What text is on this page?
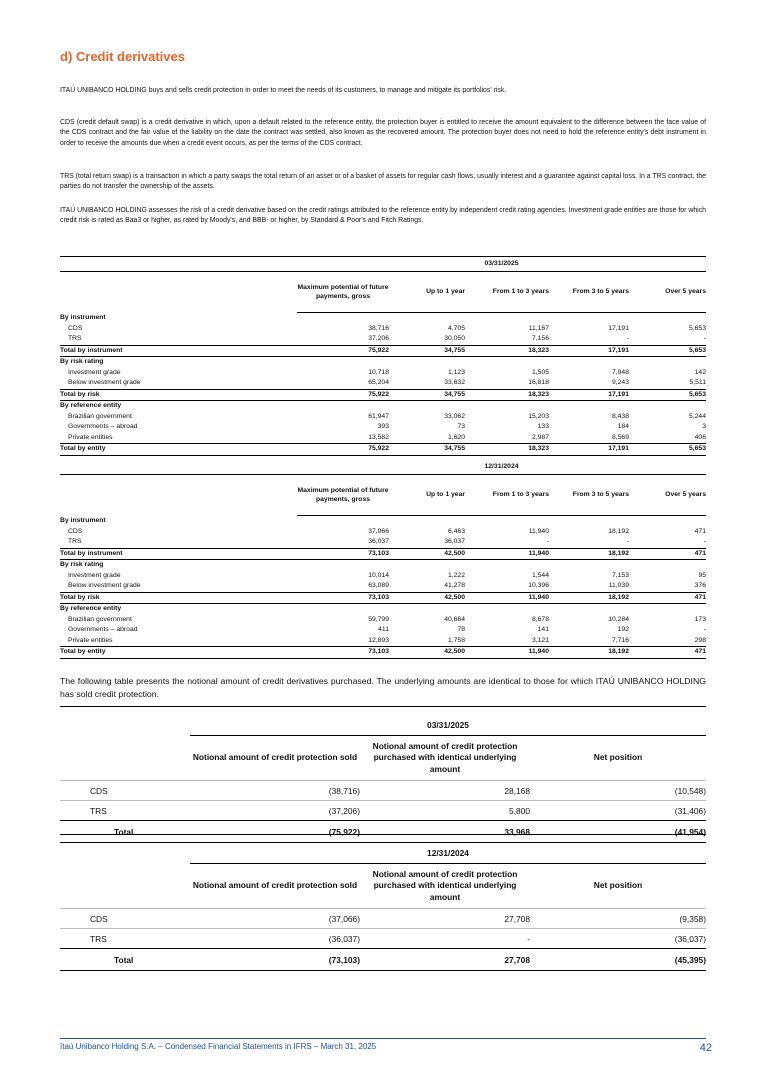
d) Credit derivatives

ITAÚ UNIBANCO HOLDING buys and sells credit protection in order to meet the needs of its customers, to manage and mitigate its portfolios' risk.

CDS (credit default swap) is a credit derivative in which, upon a default related to the reference entity, the protection buyer is entitled to receive the amount equivalent to the difference between the face value of the CDS contract and the fair value of the liability on the date the contract was settled, also known as the recovered amount. The protection buyer does not need to hold the reference entity's debt instrument in order to receive the amounts due when a credit event occurs, as per the terms of the CDS contract.

TRS (total return swap) is a transaction in which a party swaps the total return of an asset or of a basket of assets for regular cash flows, usually interest and a guarantee against capital loss. In a TRS contract, the parties do not transfer the ownership of the assets.

ITAÚ UNIBANCO HOLDING assesses the risk of a credit derivative based on the credit ratings attributed to the reference entity by independent credit rating agencies. Investment grade entities are those for which credit risk is rated as Baa3 or higher, as rated by Moody's, and BBB- or higher, by Standard & Poor's and Fitch Ratings.

	03/31/2025				
	Maximum potential of future payments, gross	Up to 1 year	From 1 to 3 years	From 3 to 5 years	Over 5 years
By instrument					
CDS	38,716	4,705	11,167	17,191	5,653
TRS	37,206	30,050	7,156	-	-
Total by instrument	75,922	34,755	18,323	17,191	5,653
By risk rating					
Investment grade	10,718	1,123	1,505	7,948	142
Below investment grade	65,204	33,632	16,818	9,243	5,511
Total by risk	75,922	34,755	18,323	17,191	5,653
By reference entity					
Brazilian government	61,947	33,062	15,203	8,438	5,244
Governments – abroad	393	73	133	184	3
Private entities	13,582	1,620	2,987	8,569	406
Total by entity	75,922	34,755	18,323	17,191	5,653
	12/31/2024				
	Maximum potential of future payments, gross	Up to 1 year	From 1 to 3 years	From 3 to 5 years	Over 5 years
By instrument					
CDS	37,066	6,463	11,940	18,192	471
TRS	36,037	36,037	-	-	-
Total by instrument	73,103	42,500	11,940	18,192	471
By risk rating					
Investment grade	10,014	1,222	1,544	7,153	95
Below investment grade	63,089	41,278	10,396	11,039	376
Total by risk	73,103	42,500	11,940	18,192	471
By reference entity					
Brazilian government	59,799	40,664	8,678	10,284	173
Governments – abroad	411	78	141	192	-
Private entities	12,893	1,758	3,121	7,716	298
Total by entity	73,103	42,500	11,940	18,192	471

The following table presents the notional amount of credit derivatives purchased. The underlying amounts are identical to those for which ITAÚ UNIBANCO HOLDING has sold credit protection.

	03/31/2025		
	Notional amount of credit protection sold	Notional amount of credit protection purchased with identical underlying amount	Net position
CDS	(38,716)	28,168	(10,548)
TRS	(37,206)	5,800	(31,406)
Total	(75,922)	33,968	(41,954)

	12/31/2024		
	Notional amount of credit protection sold	Notional amount of credit protection purchased with identical underlying amount	Net position
CDS	(37,066)	27,708	(9,358)
TRS	(36,037)	-	(36,037)
Total	(73,103)	27,708	(45,395)
Itaú Unibanco Holding S.A. – Condensed Financial Statements in IFRS – March 31, 2025	42
